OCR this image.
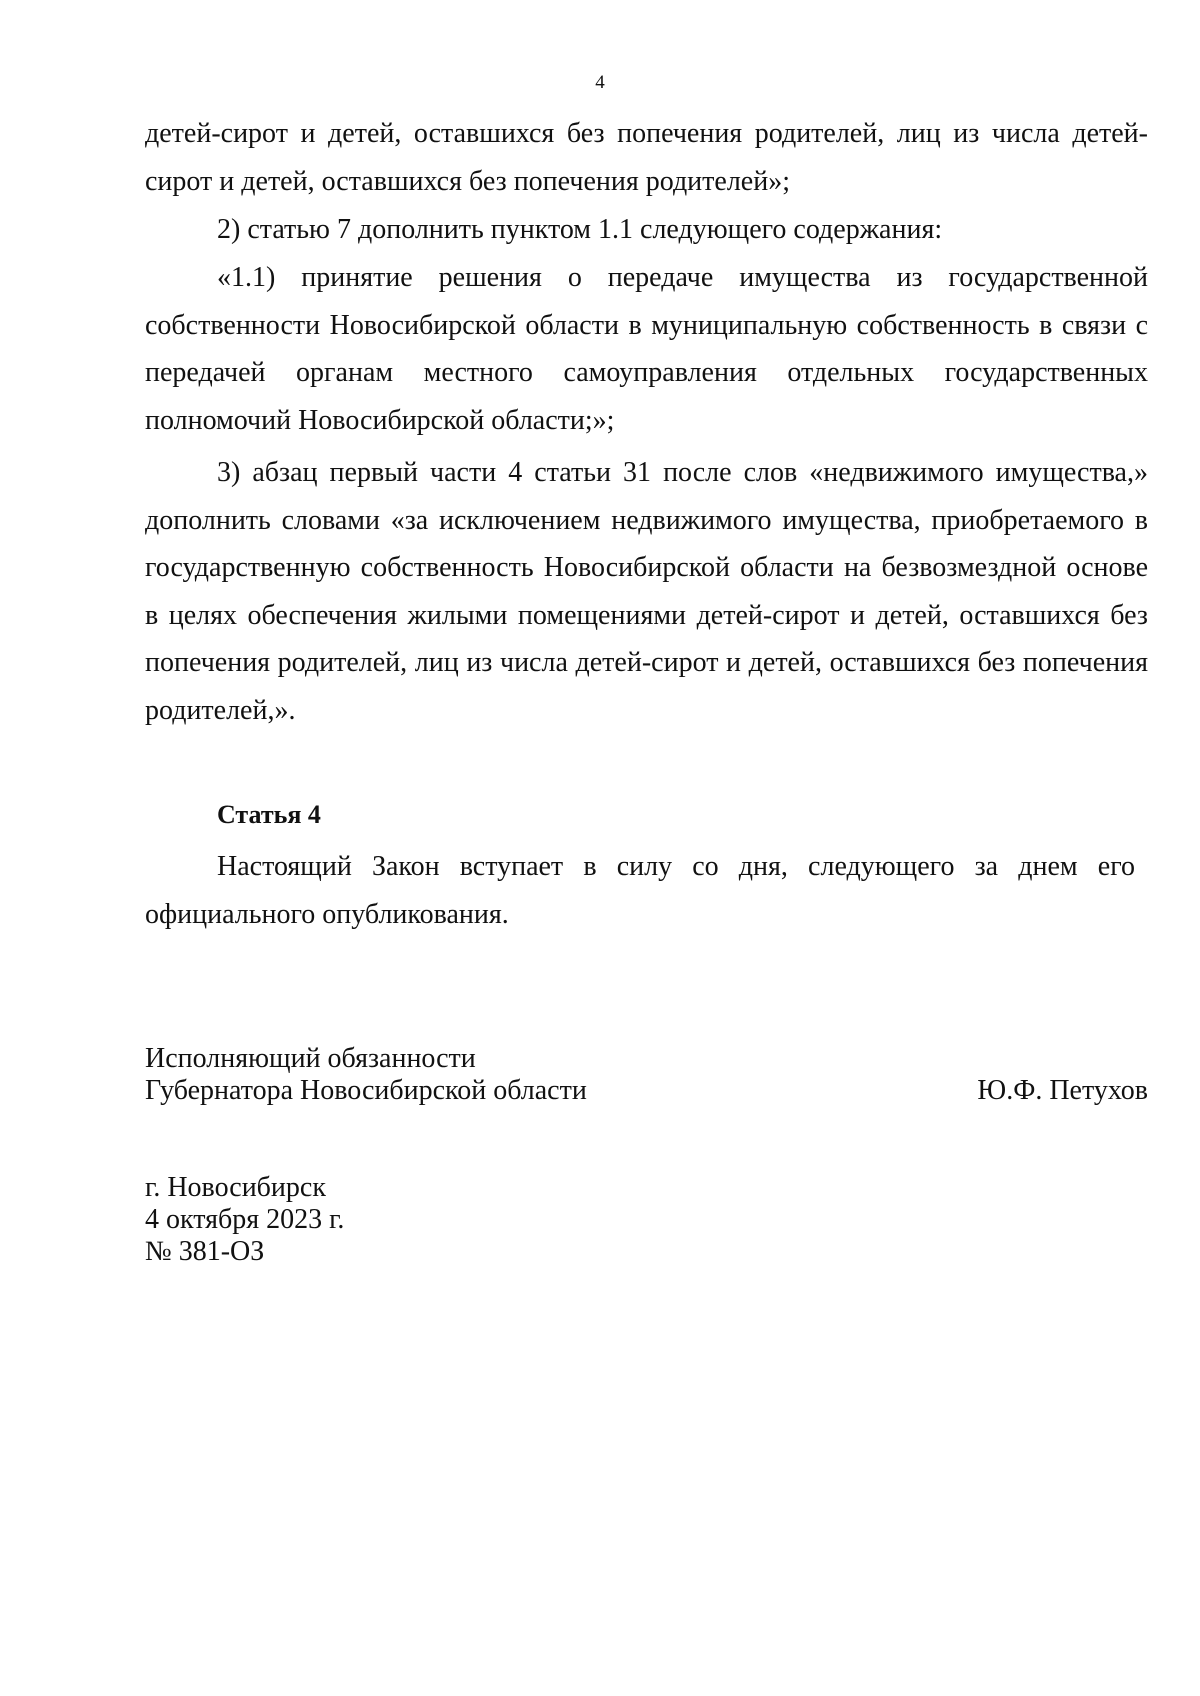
4

детей-сирот и детей, оставшихся без попечения родителей, лиц из числа детей-сирот и детей, оставшихся без попечения родителей»;

2) статью 7 дополнить пунктом 1.1 следующего содержания:

«1.1) принятие решения о передаче имущества из государственной собственности Новосибирской области в муниципальную собственность в связи с передачей органам местного самоуправления отдельных государственных полномочий Новосибирской области;»;

3) абзац первый части 4 статьи 31 после слов «недвижимого имущества,» дополнить словами «за исключением недвижимого имущества, приобретаемого в государственную собственность Новосибирской области на безвозмездной основе в целях обеспечения жилыми помещениями детей-сирот и детей, оставшихся без попечения родителей, лиц из числа детей-сирот и детей, оставшихся без попечения родителей,».

Статья 4

Настоящий Закон вступает в силу со дня, следующего за днем его официального опубликования.

Исполняющий обязанности
Губернатора Новосибирской области	Ю.Ф. Петухов
г. Новосибирск
4 октября 2023 г.
№ 381-ОЗ
